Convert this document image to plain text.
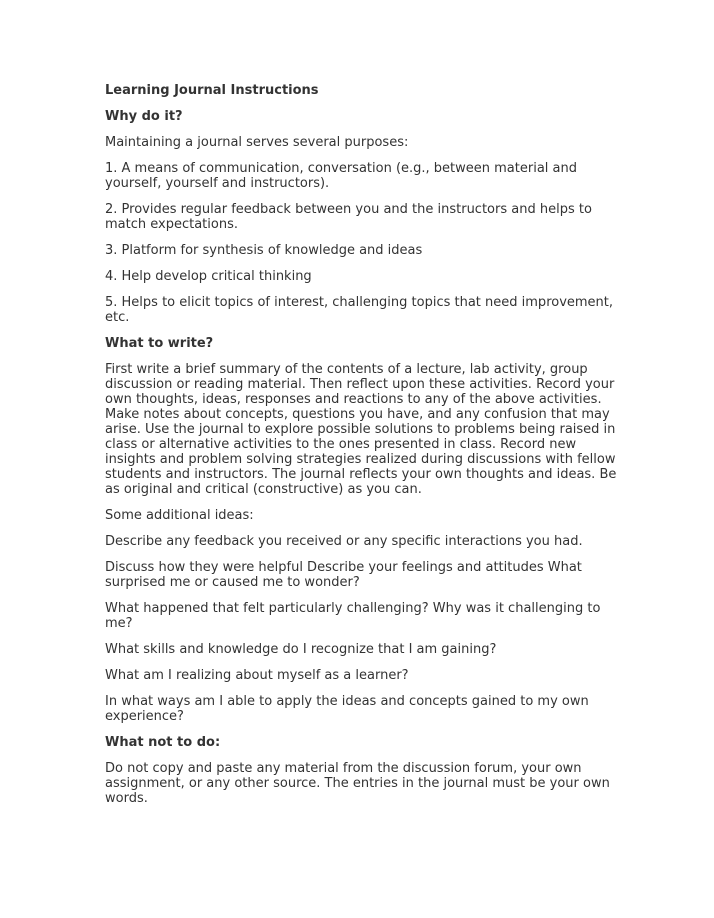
Learning Journal Instructions
Why do it?

Maintaining a journal serves several purposes:

1. A means of communication, conversation (e.g., between material and yourself, yourself and instructors).

2. Provides regular feedback between you and the instructors and helps to match expectations.

3. Platform for synthesis of knowledge and ideas

4. Help develop critical thinking

5. Helps to elicit topics of interest, challenging topics that need improvement, etc.

What to write?

First write a brief summary of the contents of a lecture, lab activity, group discussion or reading material. Then reflect upon these activities. Record your own thoughts, ideas, responses and reactions to any of the above activities. Make notes about concepts, questions you have, and any confusion that may arise. Use the journal to explore possible solutions to problems being raised in class or alternative activities to the ones presented in class. Record new insights and problem solving strategies realized during discussions with fellow students and instructors. The journal reflects your own thoughts and ideas. Be as original and critical (constructive) as you can.

Some additional ideas:

Describe any feedback you received or any specific interactions you had.

Discuss how they were helpful Describe your feelings and attitudes What surprised me or caused me to wonder?

What happened that felt particularly challenging? Why was it challenging to me?

What skills and knowledge do I recognize that I am gaining?

What am I realizing about myself as a learner?

In what ways am I able to apply the ideas and concepts gained to my own experience?

What not to do:

Do not copy and paste any material from the discussion forum, your own assignment, or any other source. The entries in the journal must be your own words.
